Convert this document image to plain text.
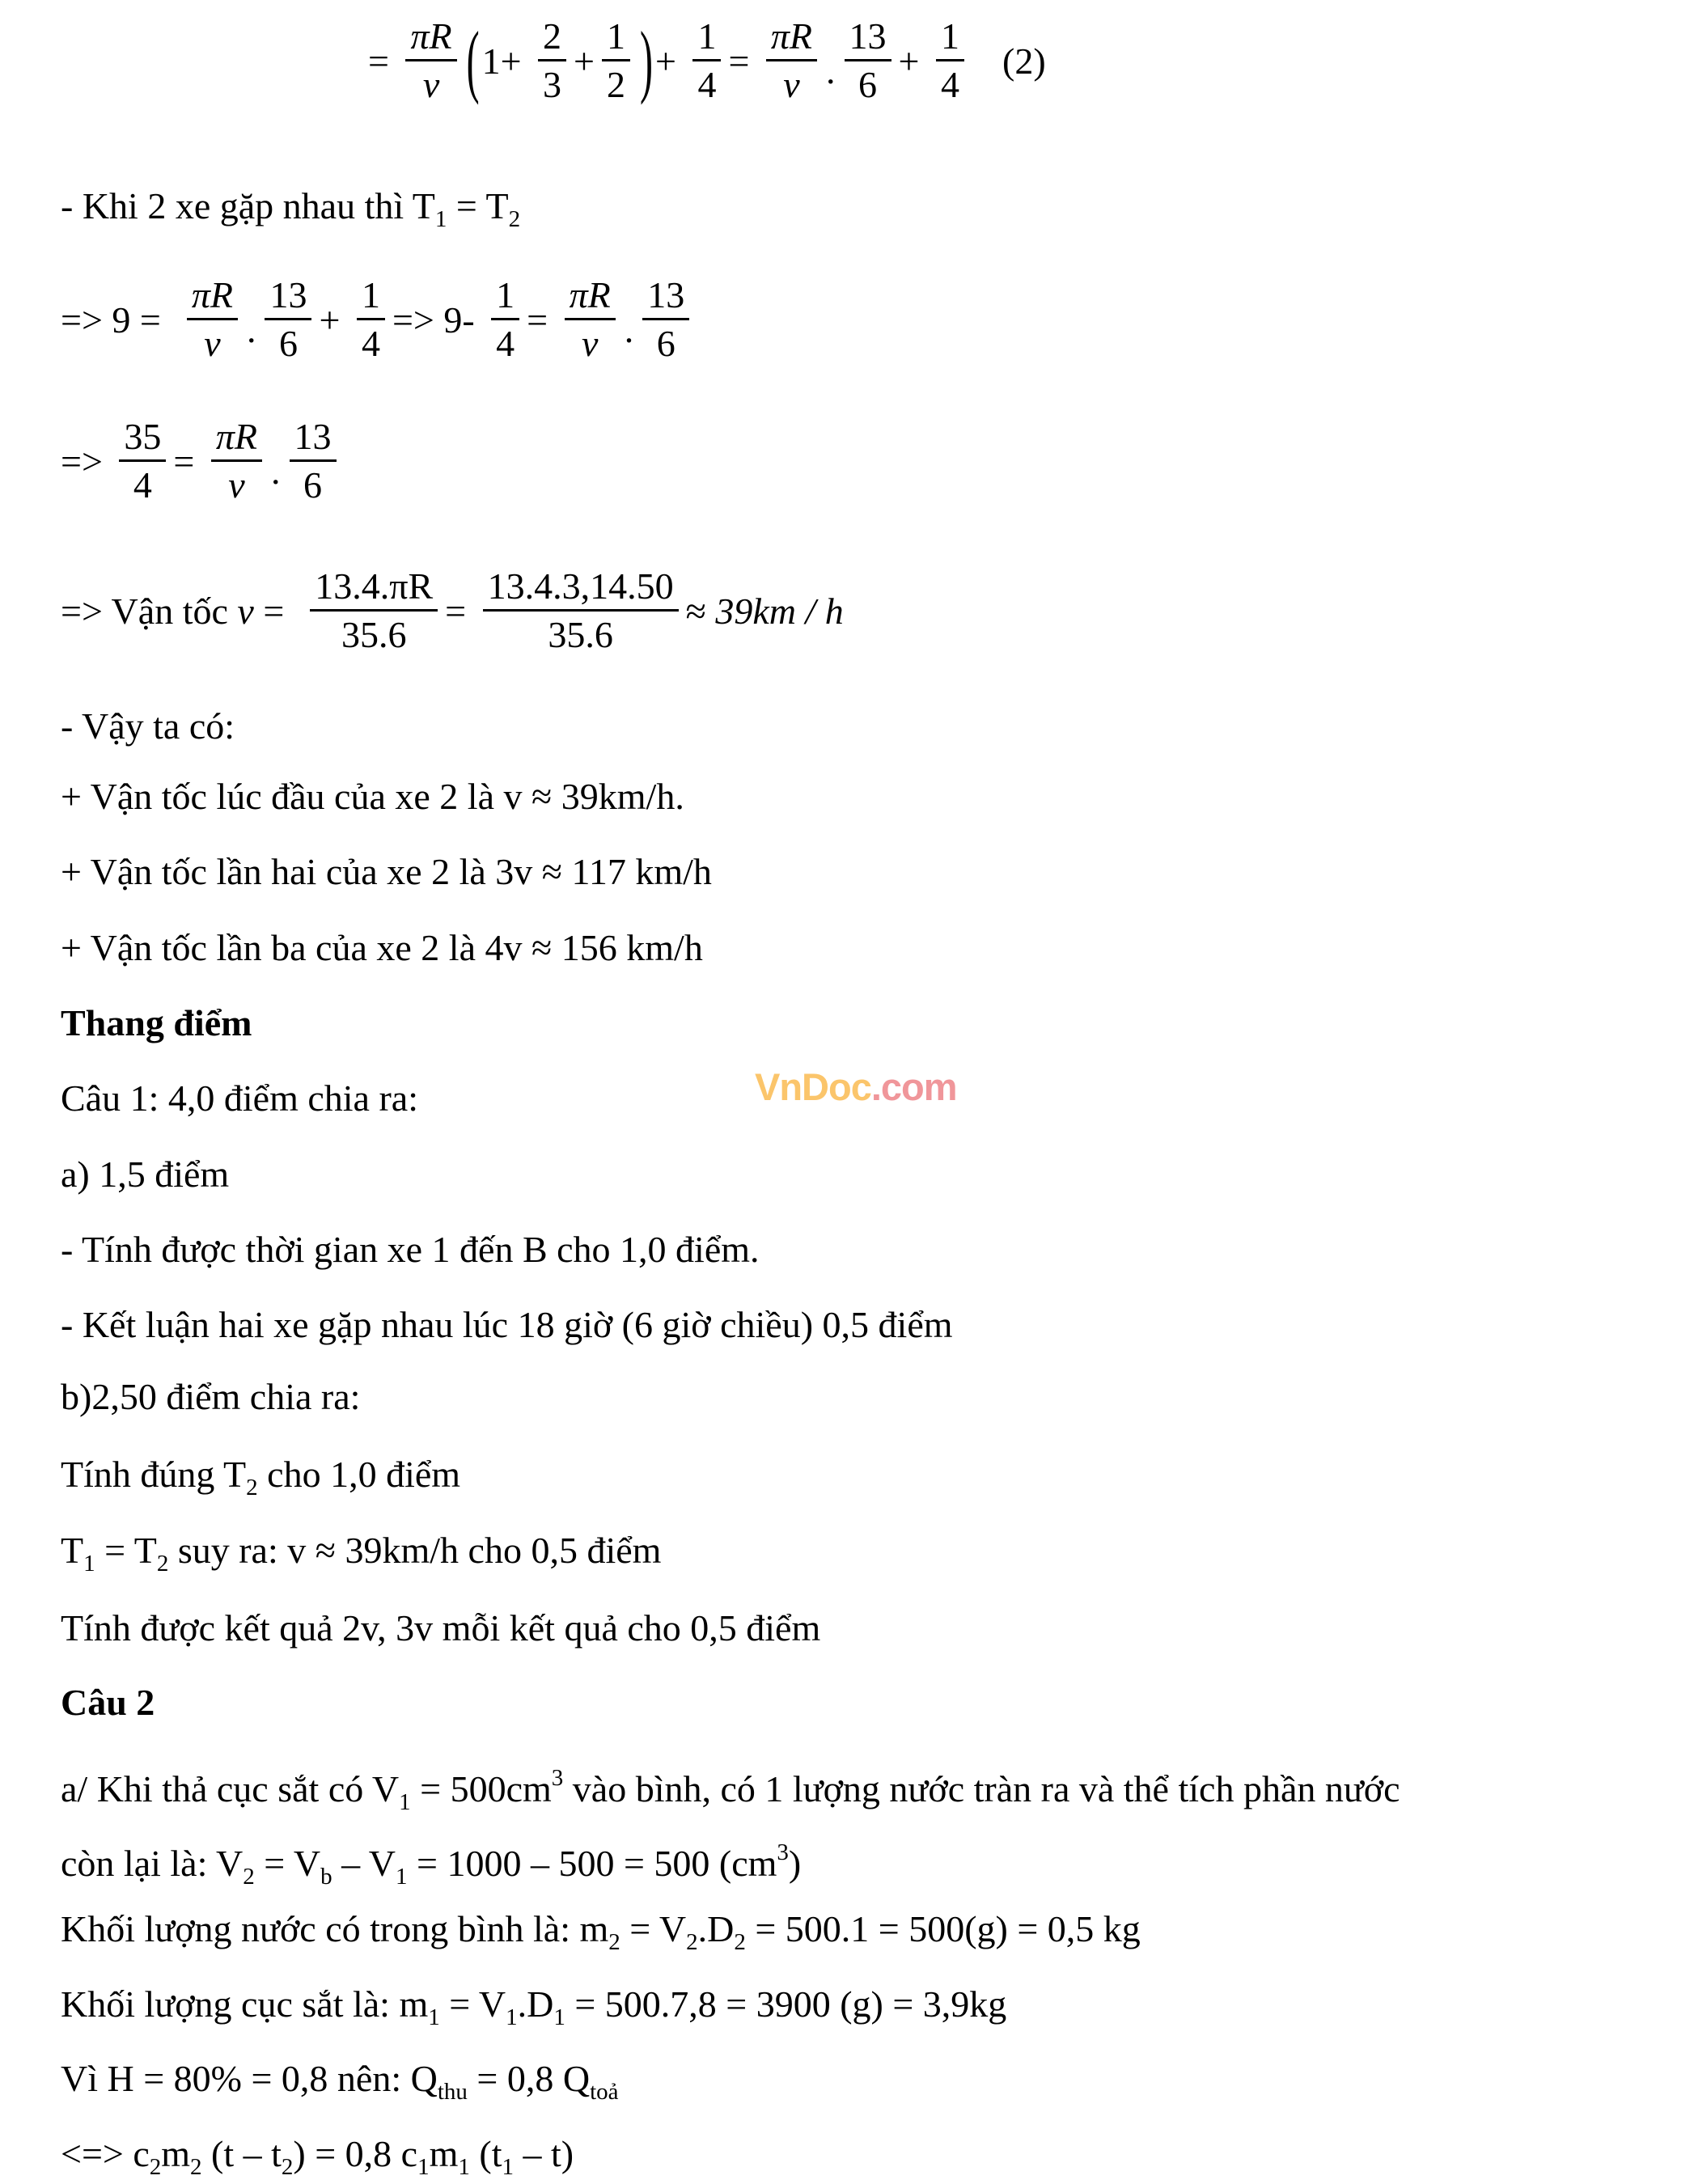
= $\frac{\pi R}{v}$ ( $1+ \frac{2}{3} + \frac{1}{2}$ ) + $\frac{1}{4} = \frac{\pi R}{v}$ . $\frac{13}{6} + \frac{1}{4} (2)$
- Khi 2 xe gặp nhau thì $T_1 = T_2$
=> $9 = \frac{\pi R}{v}$ . $\frac{13}{6} + \frac{1}{4} => 9- \frac{1}{4} = \frac{\pi R}{v}$ . $\frac{13}{6}$
=> $\frac{35}{4} = \frac{\pi R}{v}$ . $\frac{13}{6}$
=> Vận tốc $v = \frac{13.4.\pi R}{35.6} = \frac{13.4.3,14.50}{35.6} \approx 39km / h$
- Vậy ta có:
+ Vận tốc lúc đầu của xe 2 là v ≈ 39km/h.
+ Vận tốc lần hai của xe 2 là 3v ≈ 117 km/h
+ Vận tốc lần ba của xe 2 là 4v ≈ 156 km/h
Thang điểm
Câu 1: 4,0 điểm chia ra:
a) 1,5 điểm
- Tính được thời gian xe 1 đến B cho 1,0 điểm.
- Kết luận hai xe gặp nhau lúc 18 giờ (6 giờ chiều) 0,5 điểm
b)2,50 điểm chia ra:
Tính đúng $T_2$ cho 1,0 điểm
$T_1 = T_2$ suy ra: v ≈ 39km/h cho 0,5 điểm
Tính được kết quả 2v, 3v mỗi kết quả cho 0,5 điểm
Câu 2
a/ Khi thả cục sắt có $V_1 = 500cm^3$ vào bình, có 1 lượng nước tràn ra và thể tích phần nước
còn lại là: $V_2 = V_b - V_1 = 1000 - 500 = 500$ $(cm^3)$
Khối lượng nước có trong bình là: $m_2 = V_2.D_2 = 500.1 = 500(g) = 0,5$ kg
Khối lượng cục sắt là: $m_1 = V_1.D_1 = 500.7,8 = 3900$ (g) = 3,9kg
Vì H = 80% = 0,8 nên: $Q_{thu} = 0,8$ $Q_{toả}$
<=> $c_2m_2$ $(t - t_2) = 0,8$ $c_1m_1$ $(t_1 - t)$
VnDoc.com
